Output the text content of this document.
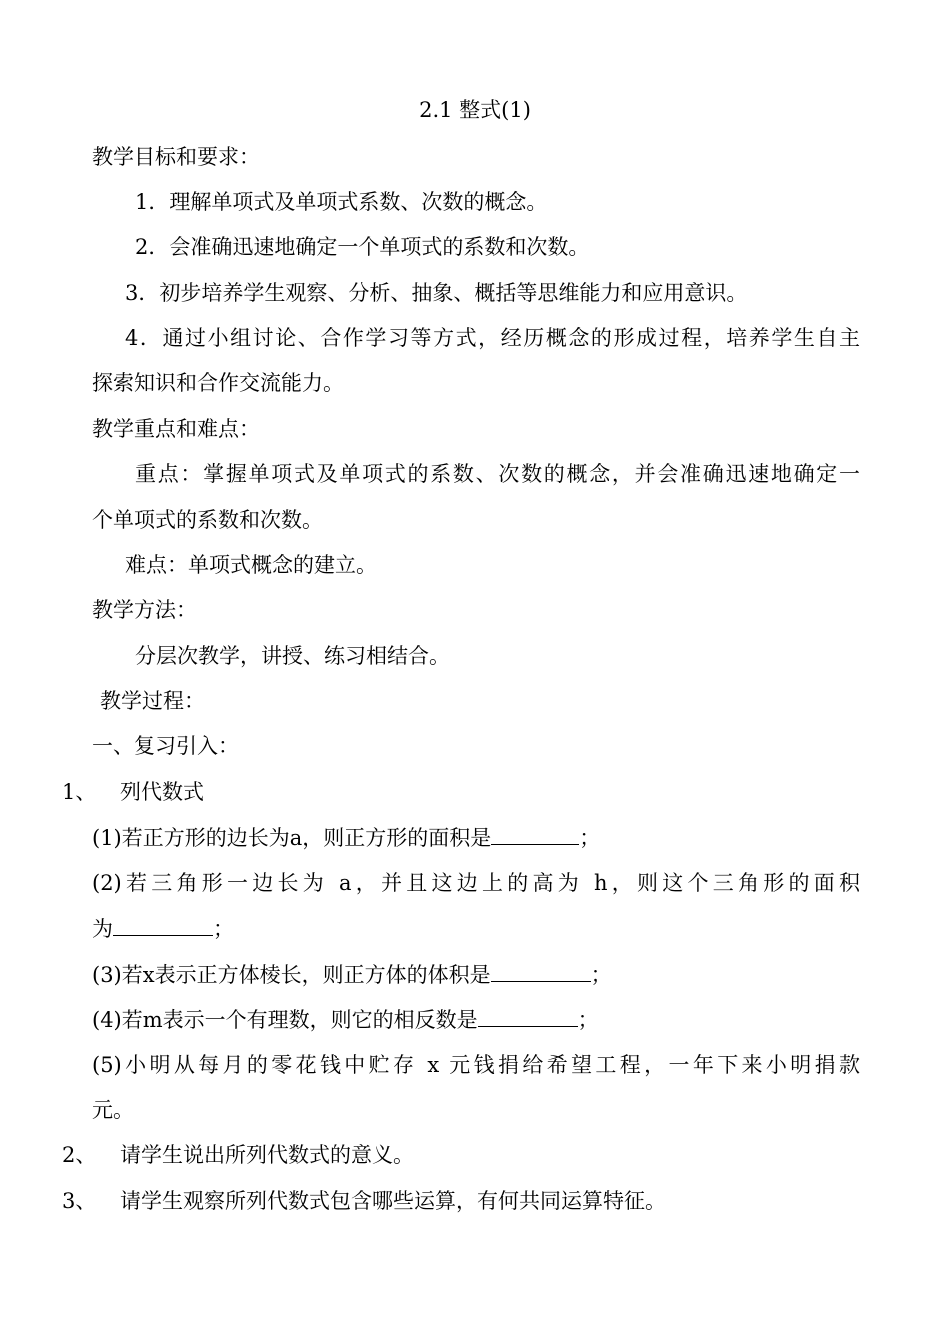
2.1 整式(1)
教学目标和要求：
1．理解单项式及单项式系数、次数的概念。
2．会准确迅速地确定一个单项式的系数和次数。
3．初步培养学生观察、分析、抽象、概括等思维能力和应用意识。
4．通过小组讨论、合作学习等方式，经历概念的形成过程，培养学生自主
探索知识和合作交流能力。
教学重点和难点：
重点：掌握单项式及单项式的系数、次数的概念，并会准确迅速地确定一
个单项式的系数和次数。
难点：单项式概念的建立。
教学方法：
分层次教学，讲授、练习相结合。
教学过程：
一、复习引入：
1、 列代数式
(1)若正方形的边长为a，则正方形的面积是	；
(2)若三角形一边长为 a，并且这边上的高为 h，则这个三角形的面积
为	；
(3)若x表示正方体棱长，则正方体的体积是	；
(4)若m表示一个有理数，则它的相反数是	；
(5)小明从每月的零花钱中贮存 x 元钱捐给希望工程，一年下来小明捐款
元。
2、 请学生说出所列代数式的意义。
3、 请学生观察所列代数式包含哪些运算，有何共同运算特征。
